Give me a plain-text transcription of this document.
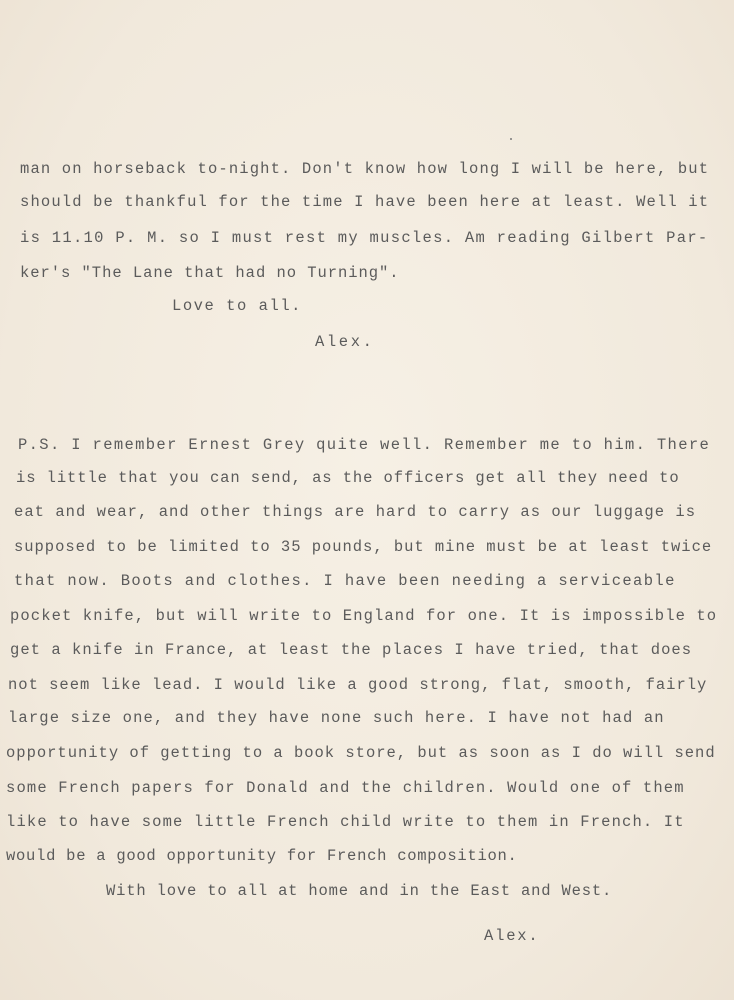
man on horseback to-night. Don't know how long I will be here, but
should be thankful for the time I have been here at least. Well it
is 11.10 P. M. so I must rest my muscles. Am reading Gilbert Par-
ker's "The Lane that had no Turning".
Love to all.
Alex.
P.S. I remember Ernest Grey quite well. Remember me to him. There
is little that you can send, as the officers get all they need to
eat and wear, and other things are hard to carry as our luggage is
supposed to be limited to 35 pounds, but mine must be at least twice
that now. Boots and clothes. I have been needing a serviceable
pocket knife, but will write to England for one. It is impossible to
get a knife in France, at least the places I have tried, that does
not seem like lead. I would like a good strong, flat, smooth, fairly
large size one, and they have none such here. I have not had an
opportunity of getting to a book store, but as soon as I do will send
some French papers for Donald and the children. Would one of them
like to have some little French child write to them in French. It
would be a good opportunity for French composition.
With love to all at home and in the East and West.
Alex.
